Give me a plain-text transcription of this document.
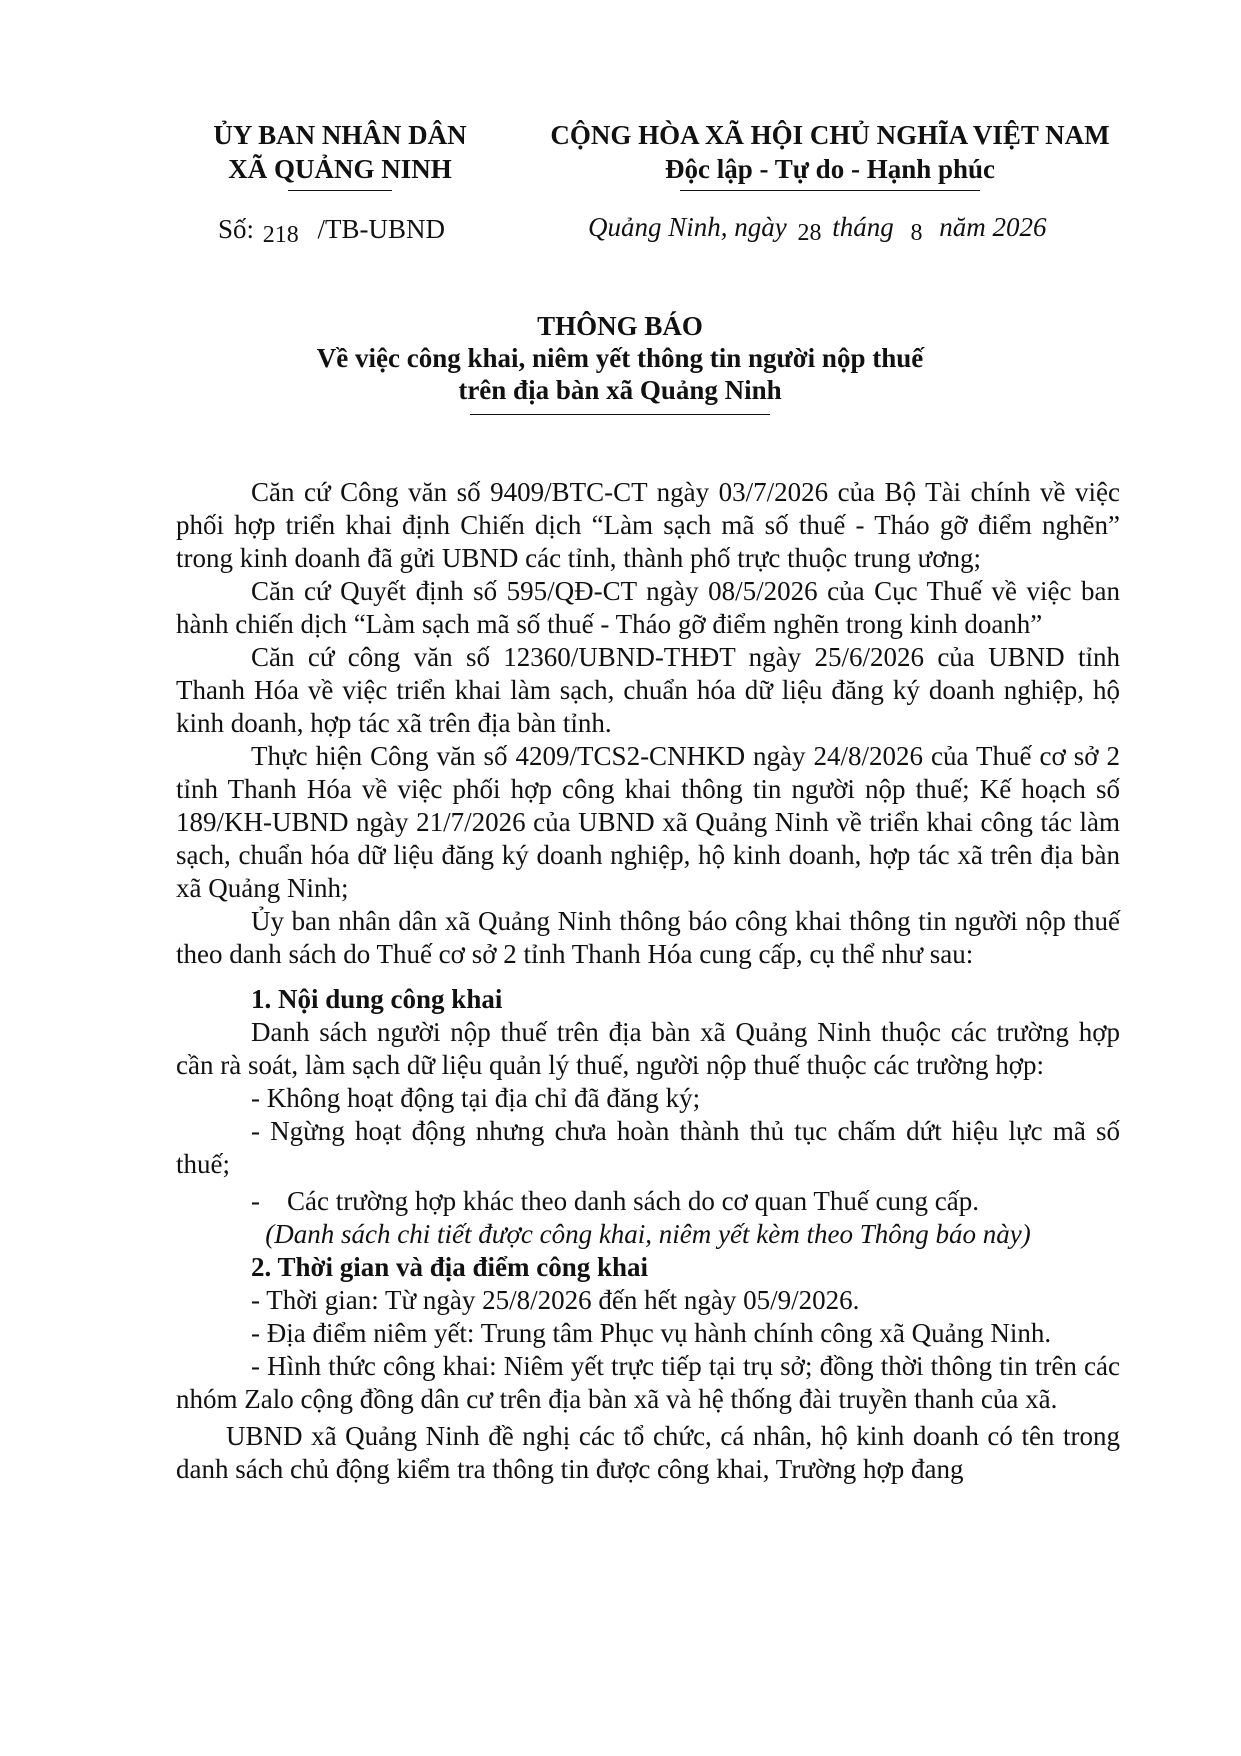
ỦY BAN NHÂN DÂN
XÃ QUẢNG NINH
CỘNG HÒA XÃ HỘI CHỦ NGHĨA VIỆT NAM
Độc lập - Tự do - Hạnh phúc
Số: 218 /TB-UBND	Quảng Ninh, ngày 28 tháng 8 năm 2026
THÔNG BÁO
Về việc công khai, niêm yết thông tin người nộp thuế
trên địa bàn xã Quảng Ninh

Căn cứ Công văn số 9409/BTC-CT ngày 03/7/2026 của Bộ Tài chính về việc phối hợp triển khai định Chiến dịch “Làm sạch mã số thuế - Tháo gỡ điểm nghẽn” trong kinh doanh đã gửi UBND các tỉnh, thành phố trực thuộc trung ương;

Căn cứ Quyết định số 595/QĐ-CT ngày 08/5/2026 của Cục Thuế về việc ban hành chiến dịch “Làm sạch mã số thuế - Tháo gỡ điểm nghẽn trong kinh doanh”

Căn cứ công văn số 12360/UBND-THĐT ngày 25/6/2026 của UBND tỉnh Thanh Hóa về việc triển khai làm sạch, chuẩn hóa dữ liệu đăng ký doanh nghiệp, hộ kinh doanh, hợp tác xã trên địa bàn tỉnh.

Thực hiện Công văn số 4209/TCS2-CNHKD ngày 24/8/2026 của Thuế cơ sở 2 tỉnh Thanh Hóa về việc phối hợp công khai thông tin người nộp thuế; Kế hoạch số 189/KH-UBND ngày 21/7/2026 của UBND xã Quảng Ninh về triển khai công tác làm sạch, chuẩn hóa dữ liệu đăng ký doanh nghiệp, hộ kinh doanh, hợp tác xã trên địa bàn xã Quảng Ninh;

Ủy ban nhân dân xã Quảng Ninh thông báo công khai thông tin người nộp thuế theo danh sách do Thuế cơ sở 2 tỉnh Thanh Hóa cung cấp, cụ thể như sau:

1. Nội dung công khai

Danh sách người nộp thuế trên địa bàn xã Quảng Ninh thuộc các trường hợp cần rà soát, làm sạch dữ liệu quản lý thuế, người nộp thuế thuộc các trường hợp:

- Không hoạt động tại địa chỉ đã đăng ký;

- Ngừng hoạt động nhưng chưa hoàn thành thủ tục chấm dứt hiệu lực mã số thuế;

- Các trường hợp khác theo danh sách do cơ quan Thuế cung cấp.

(Danh sách chi tiết được công khai, niêm yết kèm theo Thông báo này)

2. Thời gian và địa điểm công khai

- Thời gian: Từ ngày 25/8/2026 đến hết ngày 05/9/2026.

- Địa điểm niêm yết: Trung tâm Phục vụ hành chính công xã Quảng Ninh.

- Hình thức công khai: Niêm yết trực tiếp tại trụ sở; đồng thời thông tin trên các nhóm Zalo cộng đồng dân cư trên địa bàn xã và hệ thống đài truyền thanh của xã.

UBND xã Quảng Ninh đề nghị các tổ chức, cá nhân, hộ kinh doanh có tên trong danh sách chủ động kiểm tra thông tin được công khai, Trường hợp đang
